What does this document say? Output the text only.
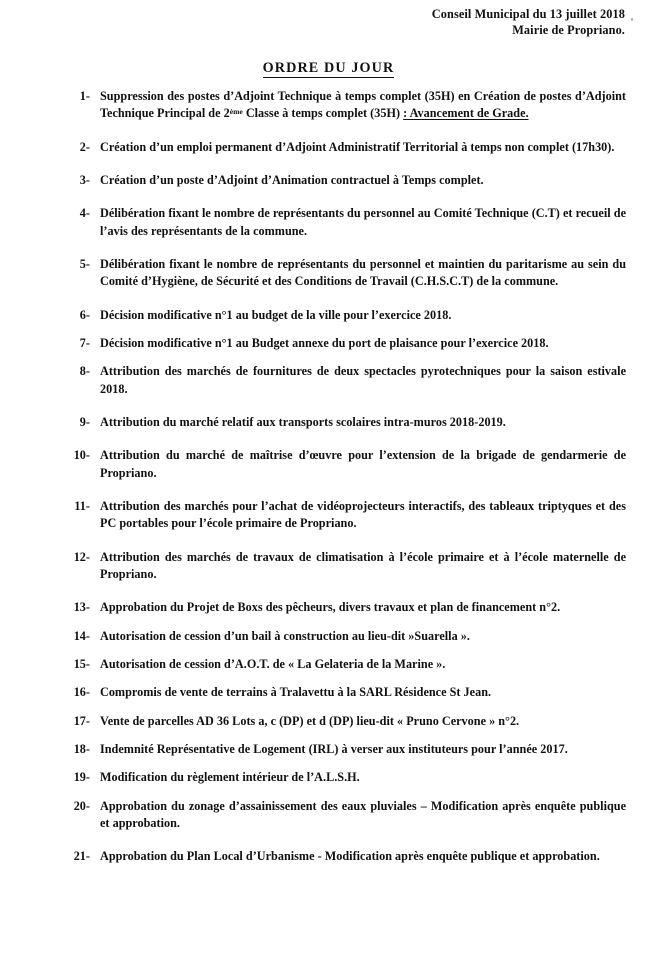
Conseil Municipal du 13 juillet 2018
Mairie de Propriano.
ORDRE DU JOUR
1- Suppression des postes d’Adjoint Technique à temps complet (35H) en Création de postes d’Adjoint Technique Principal de 2ème Classe à temps complet (35H) : Avancement de Grade.
2- Création d’un emploi permanent d’Adjoint Administratif Territorial à temps non complet (17h30).
3- Création d’un poste d’Adjoint d’Animation contractuel à Temps complet.
4- Délibération fixant le nombre de représentants du personnel au Comité Technique (C.T) et recueil de l’avis des représentants de la commune.
5- Délibération fixant le nombre de représentants du personnel et maintien du paritarisme au sein du Comité d’Hygiène, de Sécurité et des Conditions de Travail (C.H.S.C.T) de la commune.
6- Décision modificative n°1 au budget de la ville pour l’exercice 2018.
7- Décision modificative n°1 au Budget annexe du port de plaisance pour l’exercice 2018.
8- Attribution des marchés de fournitures de deux spectacles pyrotechniques pour la saison estivale 2018.
9- Attribution du marché relatif aux transports scolaires intra-muros 2018-2019.
10- Attribution du marché de maîtrise d’œuvre pour l’extension de la brigade de gendarmerie de Propriano.
11- Attribution des marchés pour l’achat de vidéoprojecteurs interactifs, des tableaux triptyques et des PC portables pour l’école primaire de Propriano.
12- Attribution des marchés de travaux de climatisation à l’école primaire et à l’école maternelle de Propriano.
13- Approbation du Projet de Boxs des pêcheurs, divers travaux et plan de financement n°2.
14- Autorisation de cession d’un bail à construction au lieu-dit »Suarella ».
15- Autorisation de cession d’A.O.T. de « La Gelateria de la Marine ».
16- Compromis de vente de terrains à Tralavettu à la SARL Résidence St Jean.
17- Vente de parcelles AD 36 Lots a, c (DP) et d (DP) lieu-dit « Pruno Cervone » n°2.
18- Indemnité Représentative de Logement (IRL) à verser aux instituteurs pour l’année 2017.
19- Modification du règlement intérieur de l’A.L.S.H.
20- Approbation du zonage d’assainissement des eaux pluviales – Modification après enquête publique et approbation.
21- Approbation du Plan Local d’Urbanisme - Modification après enquête publique et approbation.
